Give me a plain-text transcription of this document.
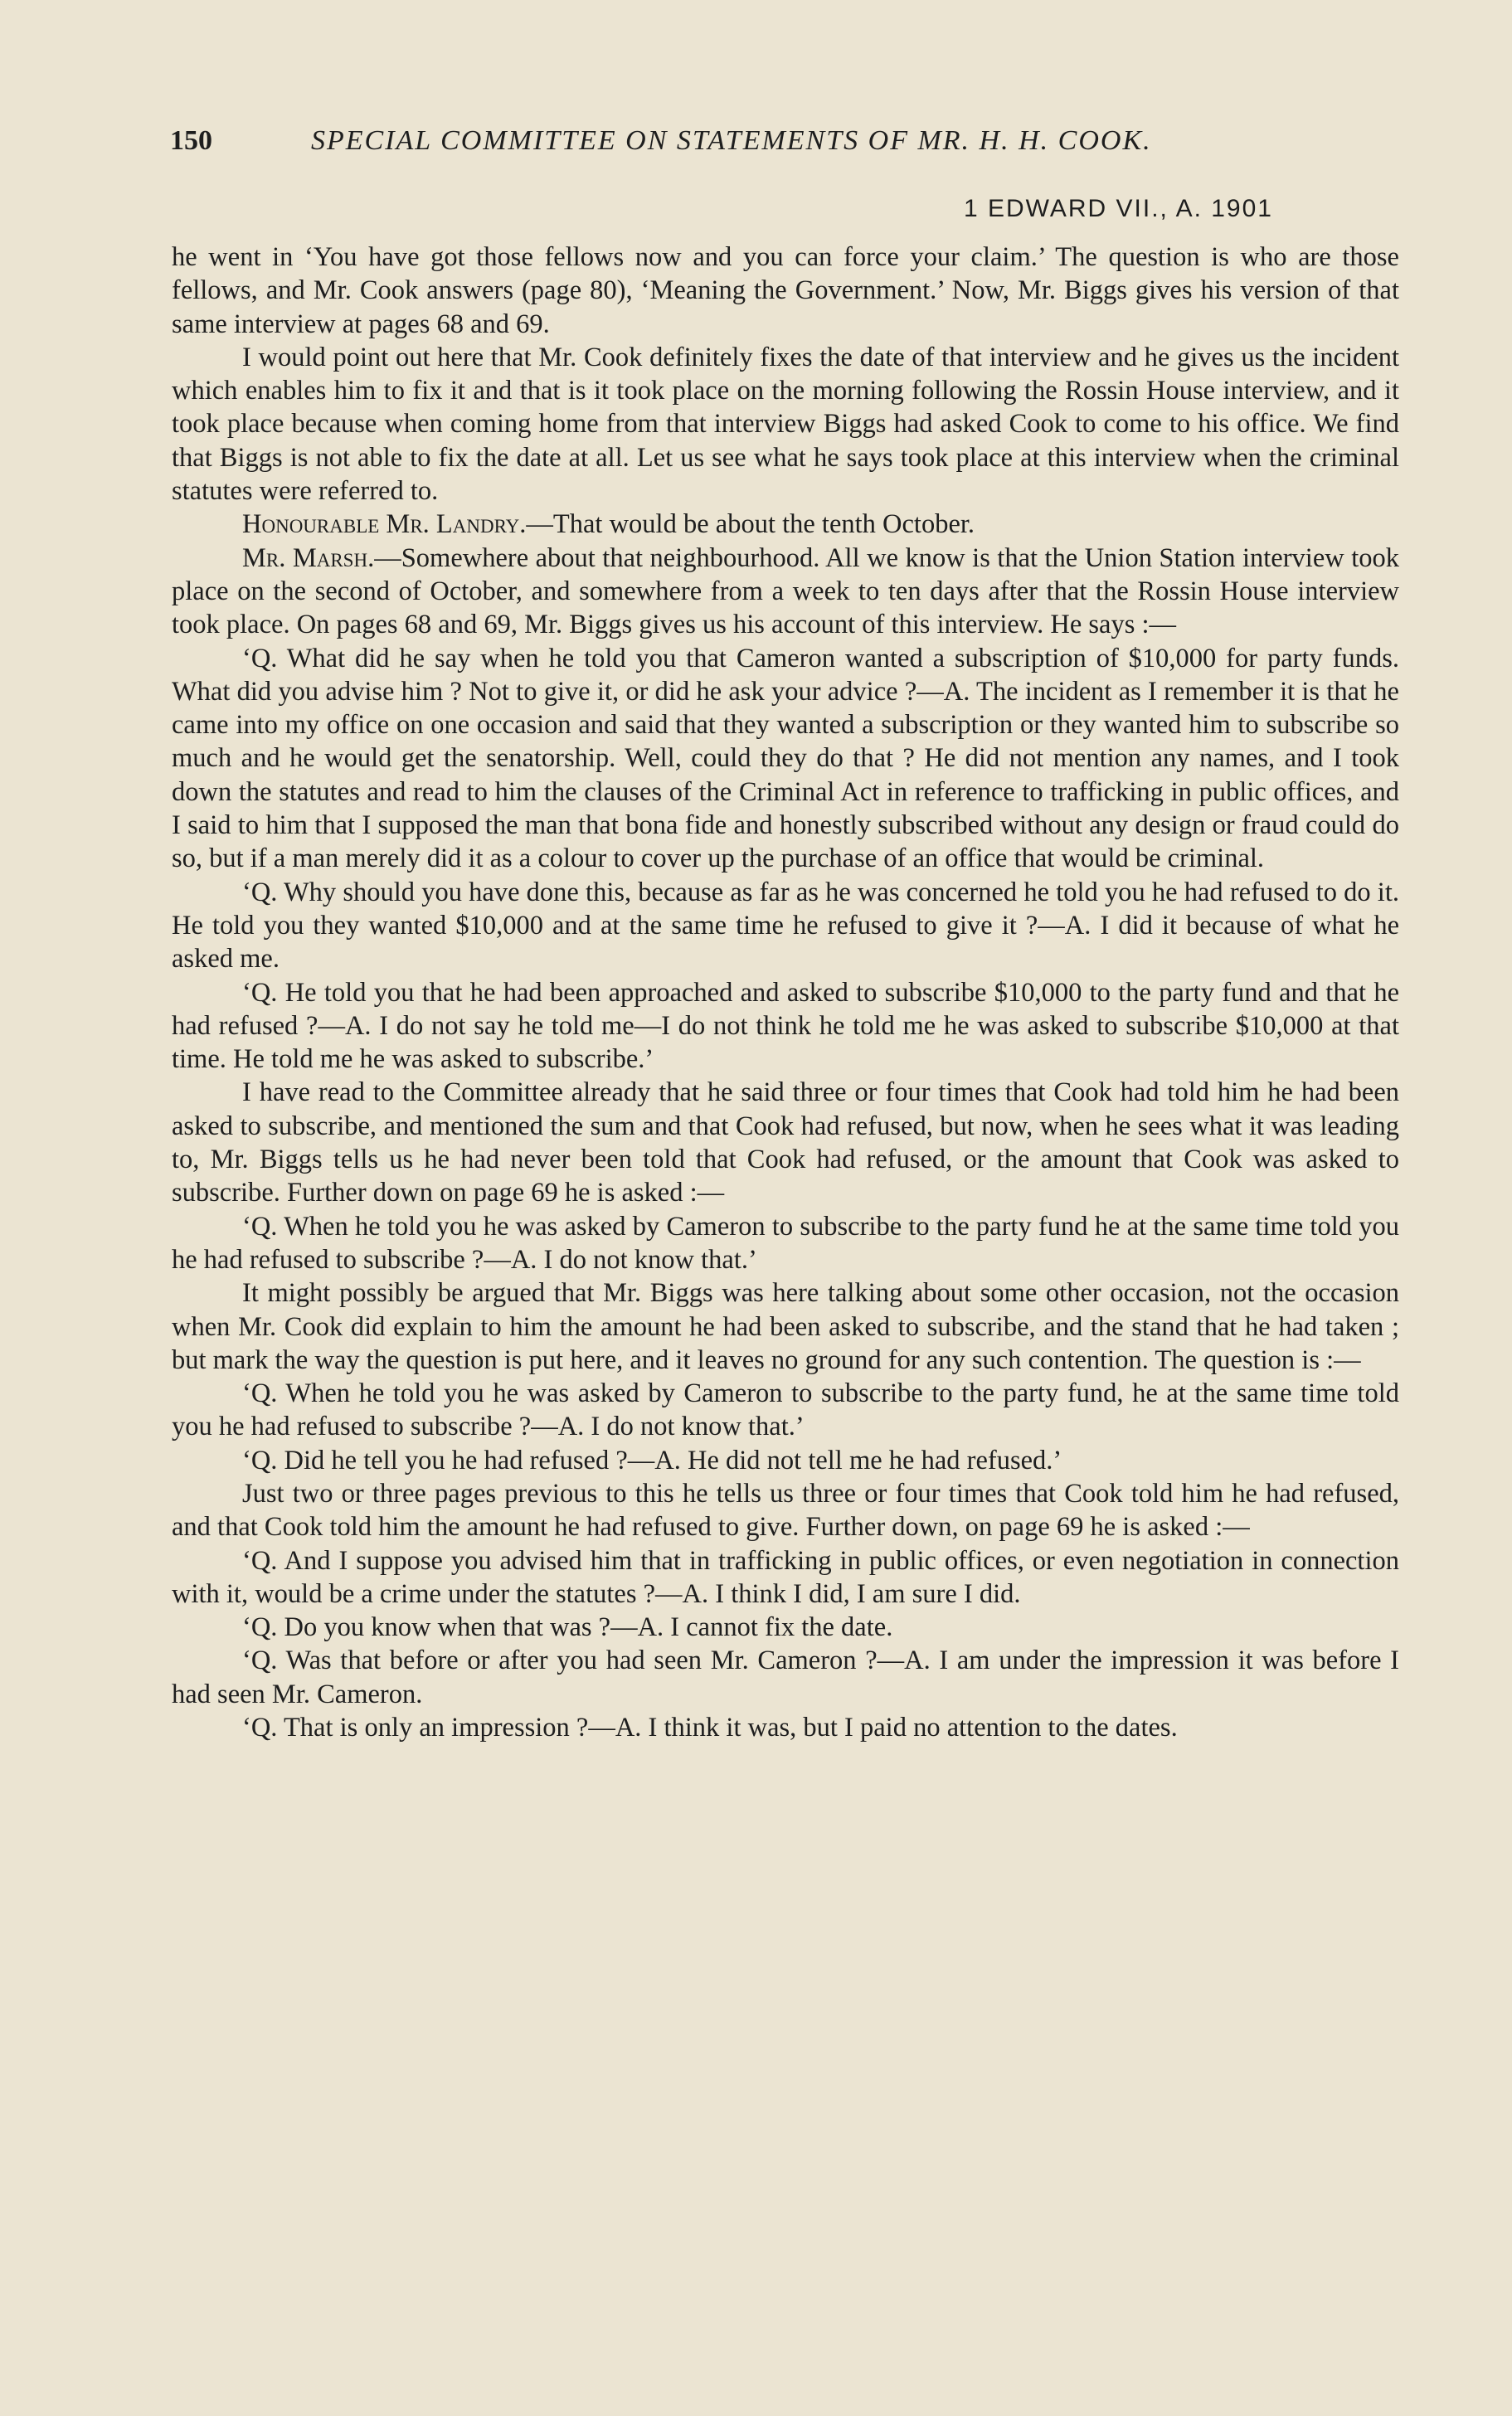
150	SPECIAL COMMITTEE ON STATEMENTS OF MR. H. H. COOK.
1 EDWARD VII., A. 1901

he went in ‘You have got those fellows now and you can force your claim.’ The question is who are those fellows, and Mr. Cook answers (page 80), ‘Meaning the Government.’ Now, Mr. Biggs gives his version of that same interview at pages 68 and 69.

I would point out here that Mr. Cook definitely fixes the date of that interview and he gives us the incident which enables him to fix it and that is it took place on the morning following the Rossin House interview, and it took place because when coming home from that interview Biggs had asked Cook to come to his office. We find that Biggs is not able to fix the date at all. Let us see what he says took place at this interview when the criminal statutes were referred to.

Honourable Mr. Landry.—That would be about the tenth October.

Mr. Marsh.—Somewhere about that neighbourhood. All we know is that the Union Station interview took place on the second of October, and somewhere from a week to ten days after that the Rossin House interview took place. On pages 68 and 69, Mr. Biggs gives us his account of this interview. He says :—

‘Q. What did he say when he told you that Cameron wanted a subscription of $10,000 for party funds. What did you advise him ? Not to give it, or did he ask your advice ?—A. The incident as I remember it is that he came into my office on one occasion and said that they wanted a subscription or they wanted him to subscribe so much and he would get the senatorship. Well, could they do that ? He did not mention any names, and I took down the statutes and read to him the clauses of the Criminal Act in reference to trafficking in public offices, and I said to him that I supposed the man that bona fide and honestly subscribed without any design or fraud could do so, but if a man merely did it as a colour to cover up the purchase of an office that would be criminal.

‘Q. Why should you have done this, because as far as he was concerned he told you he had refused to do it. He told you they wanted $10,000 and at the same time he refused to give it ?—A. I did it because of what he asked me.

‘Q. He told you that he had been approached and asked to subscribe $10,000 to the party fund and that he had refused ?—A. I do not say he told me—I do not think he told me he was asked to subscribe $10,000 at that time. He told me he was asked to subscribe.’

I have read to the Committee already that he said three or four times that Cook had told him he had been asked to subscribe, and mentioned the sum and that Cook had refused, but now, when he sees what it was leading to, Mr. Biggs tells us he had never been told that Cook had refused, or the amount that Cook was asked to subscribe. Further down on page 69 he is asked :—

‘Q. When he told you he was asked by Cameron to subscribe to the party fund he at the same time told you he had refused to subscribe ?—A. I do not know that.’

It might possibly be argued that Mr. Biggs was here talking about some other occasion, not the occasion when Mr. Cook did explain to him the amount he had been asked to subscribe, and the stand that he had taken ; but mark the way the question is put here, and it leaves no ground for any such contention. The question is :—

‘Q. When he told you he was asked by Cameron to subscribe to the party fund, he at the same time told you he had refused to subscribe ?—A. I do not know that.’

‘Q. Did he tell you he had refused ?—A. He did not tell me he had refused.’

Just two or three pages previous to this he tells us three or four times that Cook told him he had refused, and that Cook told him the amount he had refused to give. Further down, on page 69 he is asked :—

‘Q. And I suppose you advised him that in trafficking in public offices, or even negotiation in connection with it, would be a crime under the statutes ?—A. I think I did, I am sure I did.

‘Q. Do you know when that was ?—A. I cannot fix the date.

‘Q. Was that before or after you had seen Mr. Cameron ?—A. I am under the impression it was before I had seen Mr. Cameron.

‘Q. That is only an impression ?—A. I think it was, but I paid no attention to the dates.
